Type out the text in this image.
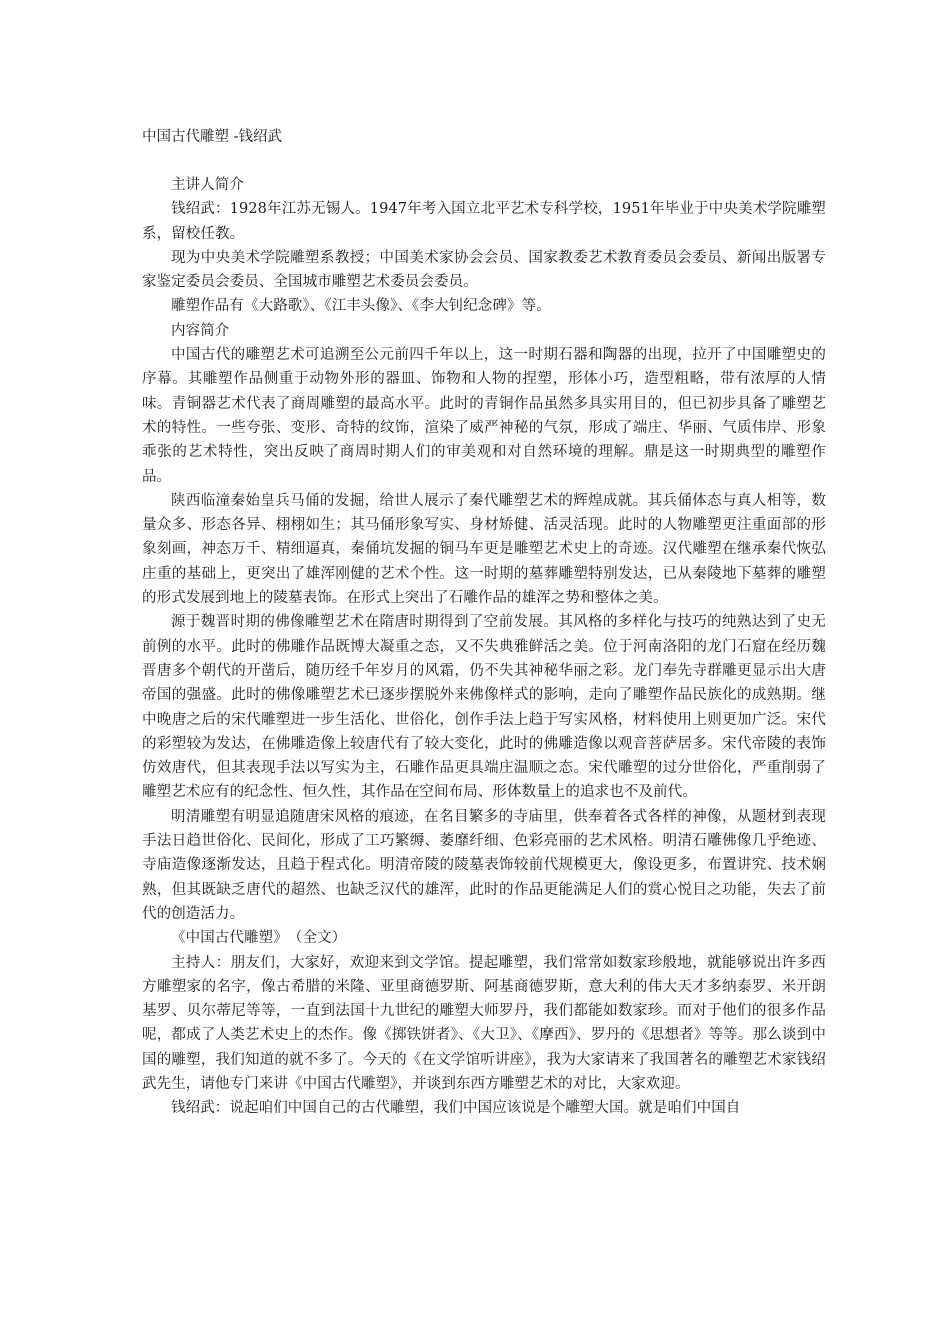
中国古代雕塑 -钱绍武

主讲人简介

钱绍武：1928年江苏无锡人。1947年考入国立北平艺术专科学校，1951年毕业于中央美术学院雕塑系，留校任教。

现为中央美术学院雕塑系教授；中国美术家协会会员、国家教委艺术教育委员会委员、新闻出版署专家鉴定委员会委员、全国城市雕塑艺术委员会委员。

雕塑作品有《大路歌》、《江丰头像》、《李大钊纪念碑》等。

内容简介

中国古代的雕塑艺术可追溯至公元前四千年以上，这一时期石器和陶器的出现，拉开了中国雕塑史的序幕。其雕塑作品侧重于动物外形的器皿、饰物和人物的捏塑，形体小巧，造型粗略，带有浓厚的人情味。青铜器艺术代表了商周雕塑的最高水平。此时的青铜作品虽然多具实用目的，但已初步具备了雕塑艺术的特性。一些夸张、变形、奇特的纹饰，渲染了威严神秘的气氛，形成了端庄、华丽、气质伟岸、形象乖张的艺术特性，突出反映了商周时期人们的审美观和对自然环境的理解。鼎是这一时期典型的雕塑作品。

陕西临潼秦始皇兵马俑的发掘，给世人展示了秦代雕塑艺术的辉煌成就。其兵俑体态与真人相等，数量众多、形态各异、栩栩如生；其马俑形象写实、身材矫健、活灵活现。此时的人物雕塑更注重面部的形象刻画，神态万千、精细逼真，秦俑坑发掘的铜马车更是雕塑艺术史上的奇迹。汉代雕塑在继承秦代恢弘庄重的基础上，更突出了雄浑刚健的艺术个性。这一时期的墓葬雕塑特别发达，已从秦陵地下墓葬的雕塑的形式发展到地上的陵墓表饰。在形式上突出了石雕作品的雄浑之势和整体之美。

源于魏晋时期的佛像雕塑艺术在隋唐时期得到了空前发展。其风格的多样化与技巧的纯熟达到了史无前例的水平。此时的佛雕作品既博大凝重之态，又不失典雅鲜活之美。位于河南洛阳的龙门石窟在经历魏晋唐多个朝代的开凿后，随历经千年岁月的风霜，仍不失其神秘华丽之彩。龙门奉先寺群雕更显示出大唐帝国的强盛。此时的佛像雕塑艺术已逐步摆脱外来佛像样式的影响，走向了雕塑作品民族化的成熟期。继中晚唐之后的宋代雕塑进一步生活化、世俗化，创作手法上趋于写实风格，材料使用上则更加广泛。宋代的彩塑较为发达，在佛雕造像上较唐代有了较大变化，此时的佛雕造像以观音菩萨居多。宋代帝陵的表饰仿效唐代，但其表现手法以写实为主，石雕作品更具端庄温顺之态。宋代雕塑的过分世俗化，严重削弱了雕塑艺术应有的纪念性、恒久性，其作品在空间布局、形体数量上的追求也不及前代。

明清雕塑有明显追随唐宋风格的痕迹，在名目繁多的寺庙里，供奉着各式各样的神像，从题材到表现手法日趋世俗化、民间化，形成了工巧繁缛、萎靡纤细、色彩亮丽的艺术风格。明清石雕佛像几乎绝迹、寺庙造像逐渐发达，且趋于程式化。明清帝陵的陵墓表饰较前代规模更大，像设更多，布置讲究、技术娴熟，但其既缺乏唐代的超然、也缺乏汉代的雄浑，此时的作品更能满足人们的赏心悦目之功能，失去了前代的创造活力。

《中国古代雕塑》　（全文）

主持人：朋友们，大家好，欢迎来到文学馆。提起雕塑，我们常常如数家珍般地，就能够说出许多西方雕塑家的名字，像古希腊的米隆、亚里商德罗斯、阿基商德罗斯，意大利的伟大天才多纳泰罗、米开朗基罗、贝尔蒂尼等等，一直到法国十九世纪的雕塑大师罗丹，我们都能如数家珍。而对于他们的很多作品呢，都成了人类艺术史上的杰作。像《掷铁饼者》、《大卫》、《摩西》、罗丹的《思想者》等等。那么谈到中国的雕塑，我们知道的就不多了。今天的《在文学馆听讲座》，我为大家请来了我国著名的雕塑艺术家钱绍武先生，请他专门来讲《中国古代雕塑》，并谈到东西方雕塑艺术的对比，大家欢迎。

钱绍武：说起咱们中国自己的古代雕塑，我们中国应该说是个雕塑大国。就是咱们中国自
